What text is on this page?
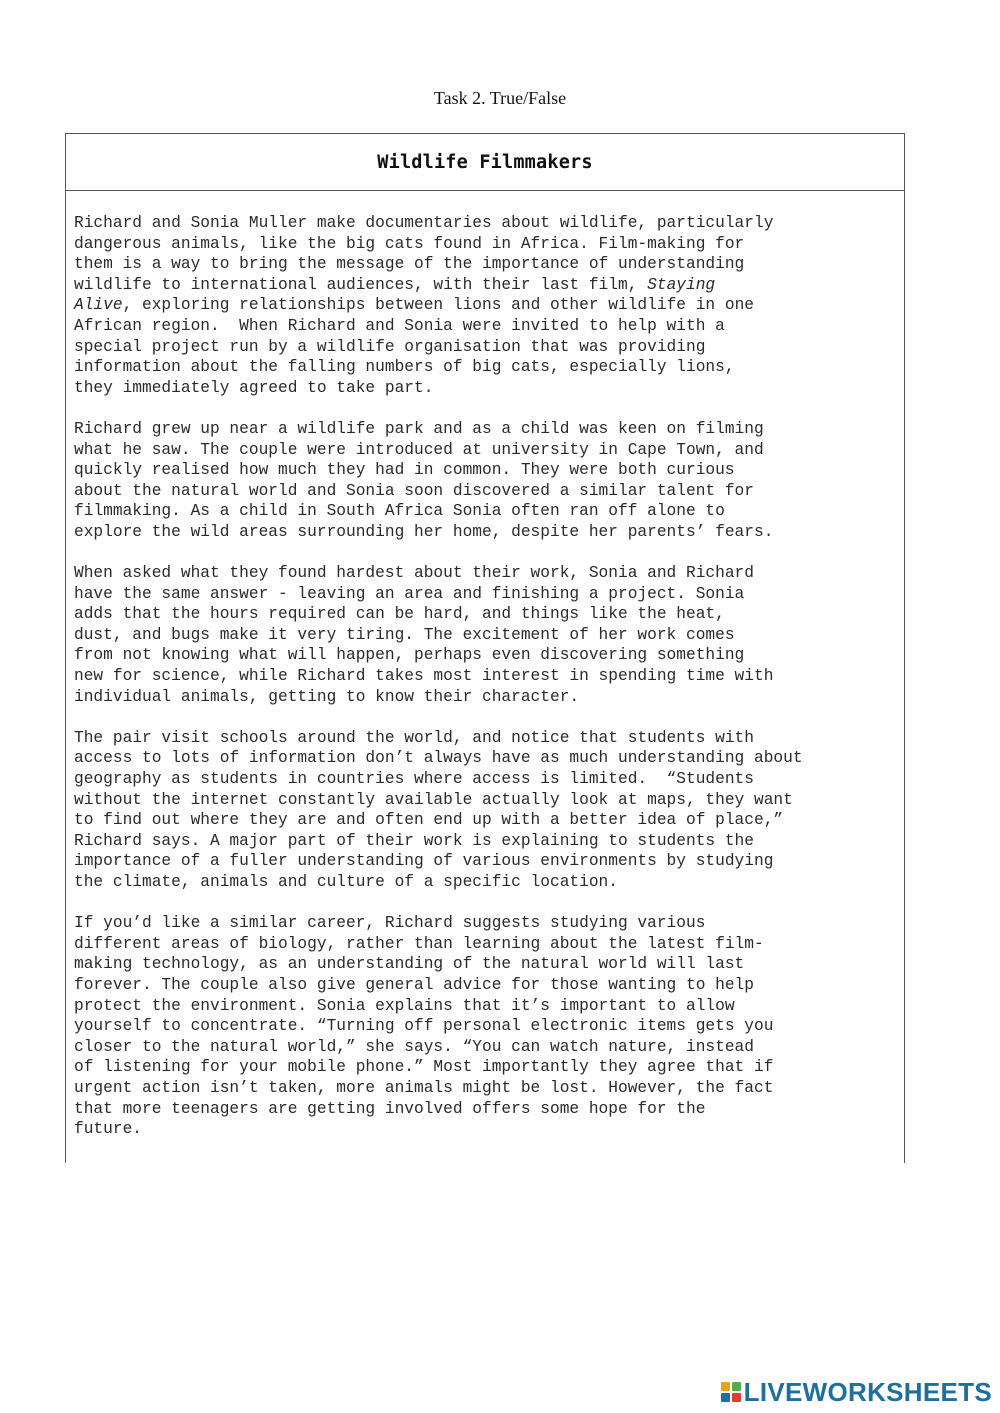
Task 2. True/False
Wildlife Filmmakers

Richard and Sonia Muller make documentaries about wildlife, particularly
dangerous animals, like the big cats found in Africa. Film-making for
them is a way to bring the message of the importance of understanding
wildlife to international audiences, with their last film, Staying
Alive, exploring relationships between lions and other wildlife in one
African region.  When Richard and Sonia were invited to help with a
special project run by a wildlife organisation that was providing
information about the falling numbers of big cats, especially lions,
they immediately agreed to take part.

Richard grew up near a wildlife park and as a child was keen on filming
what he saw. The couple were introduced at university in Cape Town, and
quickly realised how much they had in common. They were both curious
about the natural world and Sonia soon discovered a similar talent for
filmmaking. As a child in South Africa Sonia often ran off alone to
explore the wild areas surrounding her home, despite her parents’ fears.

When asked what they found hardest about their work, Sonia and Richard
have the same answer - leaving an area and finishing a project. Sonia
adds that the hours required can be hard, and things like the heat,
dust, and bugs make it very tiring. The excitement of her work comes
from not knowing what will happen, perhaps even discovering something
new for science, while Richard takes most interest in spending time with
individual animals, getting to know their character.

The pair visit schools around the world, and notice that students with
access to lots of information don’t always have as much understanding about
geography as students in countries where access is limited.  “Students
without the internet constantly available actually look at maps, they want
to find out where they are and often end up with a better idea of place,”
Richard says. A major part of their work is explaining to students the
importance of a fuller understanding of various environments by studying
the climate, animals and culture of a specific location.

If you’d like a similar career, Richard suggests studying various
different areas of biology, rather than learning about the latest film-
making technology, as an understanding of the natural world will last
forever. The couple also give general advice for those wanting to help
protect the environment. Sonia explains that it’s important to allow
yourself to concentrate. “Turning off personal electronic items gets you
closer to the natural world,” she says. “You can watch nature, instead
of listening for your mobile phone.” Most importantly they agree that if
urgent action isn’t taken, more animals might be lost. However, the fact
that more teenagers are getting involved offers some hope for the
future.

LIVEWORKSHEETS
